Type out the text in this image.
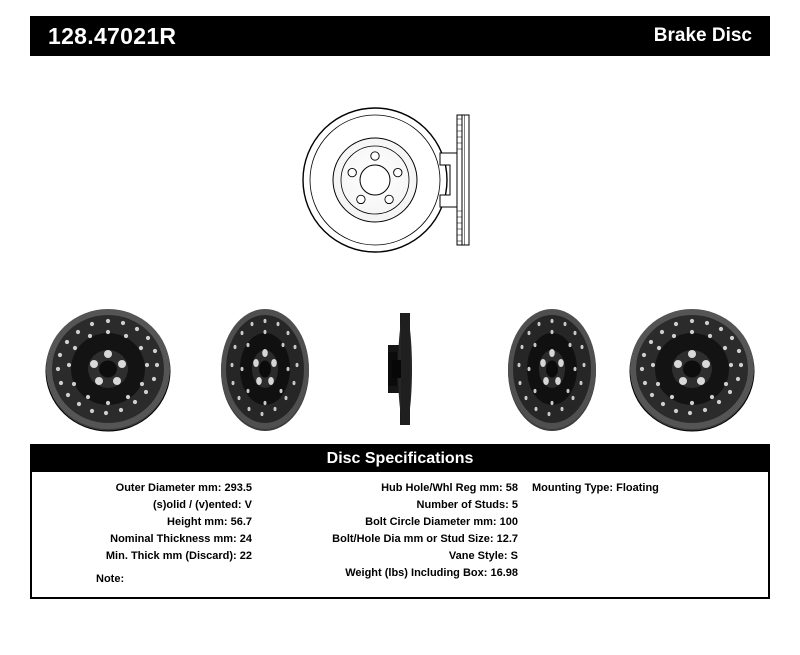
128.47021R	Brake Disc
Disc Specifications
Outer Diameter mm: 293.5
(s)olid / (v)ented: V
Height mm: 56.7
Nominal Thickness mm: 24
Min. Thick mm (Discard): 22
Hub Hole/Whl Reg mm: 58
Number of Studs: 5
Bolt Circle Diameter mm: 100
Bolt/Hole Dia mm or Stud Size: 12.7
Vane Style: S
Weight (lbs) Including Box: 16.98
Mounting Type: Floating
Note:
